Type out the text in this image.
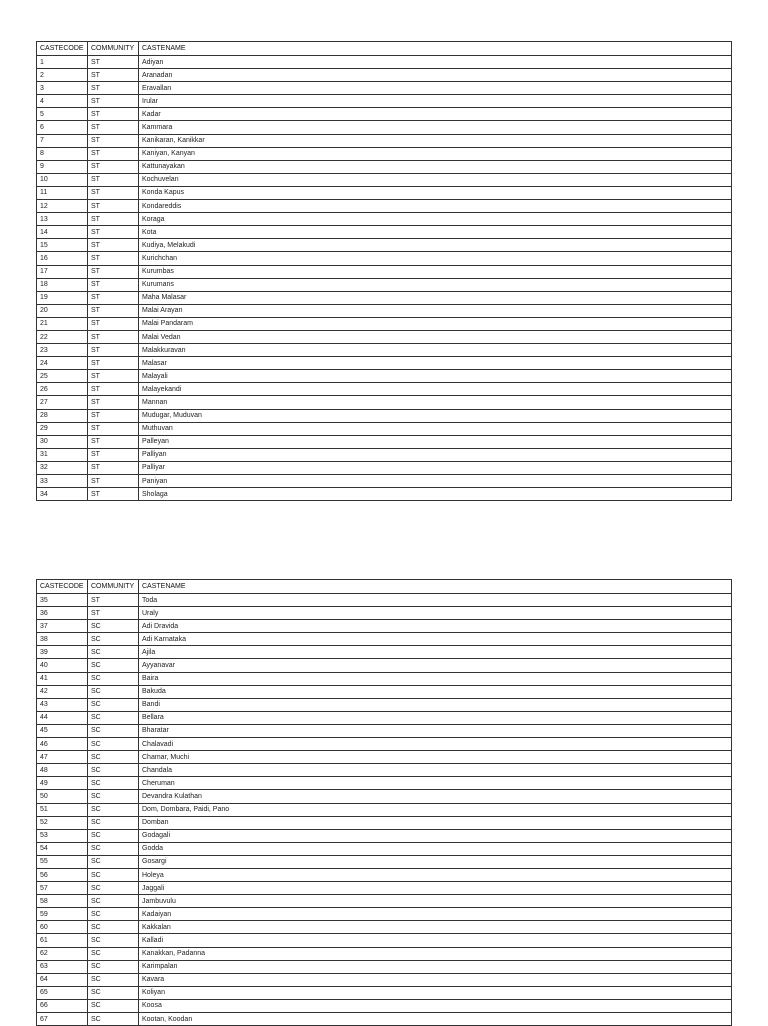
CASTECODE	COMMUNITY	CASTENAME
1	ST	Adiyan
2	ST	Aranadan
3	ST	Eravallan
4	ST	Irular
5	ST	Kadar
6	ST	Kammara
7	ST	Kanikaran, Kanikkar
8	ST	Kaniyan, Kanyan
9	ST	Kattunayakan
10	ST	Kochuvelan
11	ST	Konda Kapus
12	ST	Kondareddis
13	ST	Koraga
14	ST	Kota
15	ST	Kudiya, Melakudi
16	ST	Kurichchan
17	ST	Kurumbas
18	ST	Kurumans
19	ST	Maha Malasar
20	ST	Malai Arayan
21	ST	Malai Pandaram
22	ST	Malai Vedan
23	ST	Malakkuravan
24	ST	Malasar
25	ST	Malayali
26	ST	Malayekandi
27	ST	Mannan
28	ST	Mudugar, Muduvan
29	ST	Muthuvan
30	ST	Palleyan
31	ST	Palliyan
32	ST	Palliyar
33	ST	Paniyan
34	ST	Sholaga
CASTECODE	COMMUNITY	CASTENAME
35	ST	Toda
36	ST	Uraly
37	SC	Adi Dravida
38	SC	Adi Karnataka
39	SC	Ajila
40	SC	Ayyanavar
41	SC	Baira
42	SC	Bakuda
43	SC	Bandi
44	SC	Bellara
45	SC	Bharatar
46	SC	Chalavadi
47	SC	Chamar, Muchi
48	SC	Chandala
49	SC	Cheruman
50	SC	Devandra Kulathan
51	SC	Dom, Dombara, Paidi, Pano
52	SC	Domban
53	SC	Godagali
54	SC	Godda
55	SC	Gosargi
56	SC	Holeya
57	SC	Jaggali
58	SC	Jambuvulu
59	SC	Kadaiyan
60	SC	Kakkalan
61	SC	Kalladi
62	SC	Kanakkan, Padanna
63	SC	Karimpalan
64	SC	Kavara
65	SC	Koliyan
66	SC	Koosa
67	SC	Kootan, Koodan
